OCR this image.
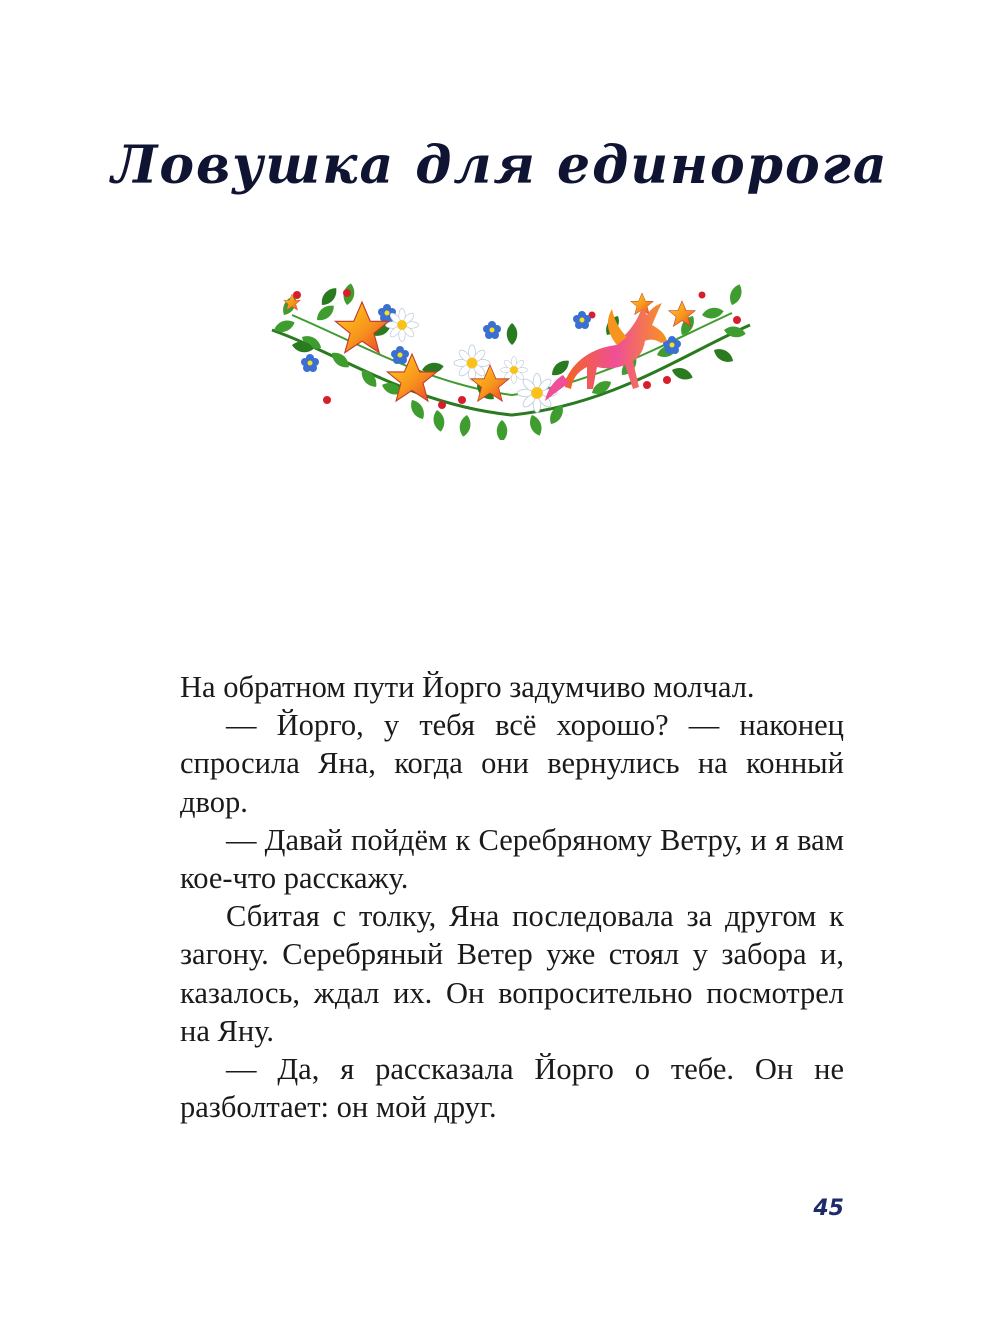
Ловушка для единорога

На обратном пути Йорго задумчиво молчал.

— Йорго, у тебя всё хорошо? — наконец спросила Яна, когда они вернулись на конный двор.

— Давай пойдём к Серебряному Ветру, и я вам кое-что расскажу.

Сбитая с толку, Яна последовала за другом к загону. Серебряный Ветер уже стоял у забора и, казалось, ждал их. Он вопросительно посмотрел на Яну.

— Да, я рассказала Йорго о тебе. Он не разболтает: он мой друг.

45
